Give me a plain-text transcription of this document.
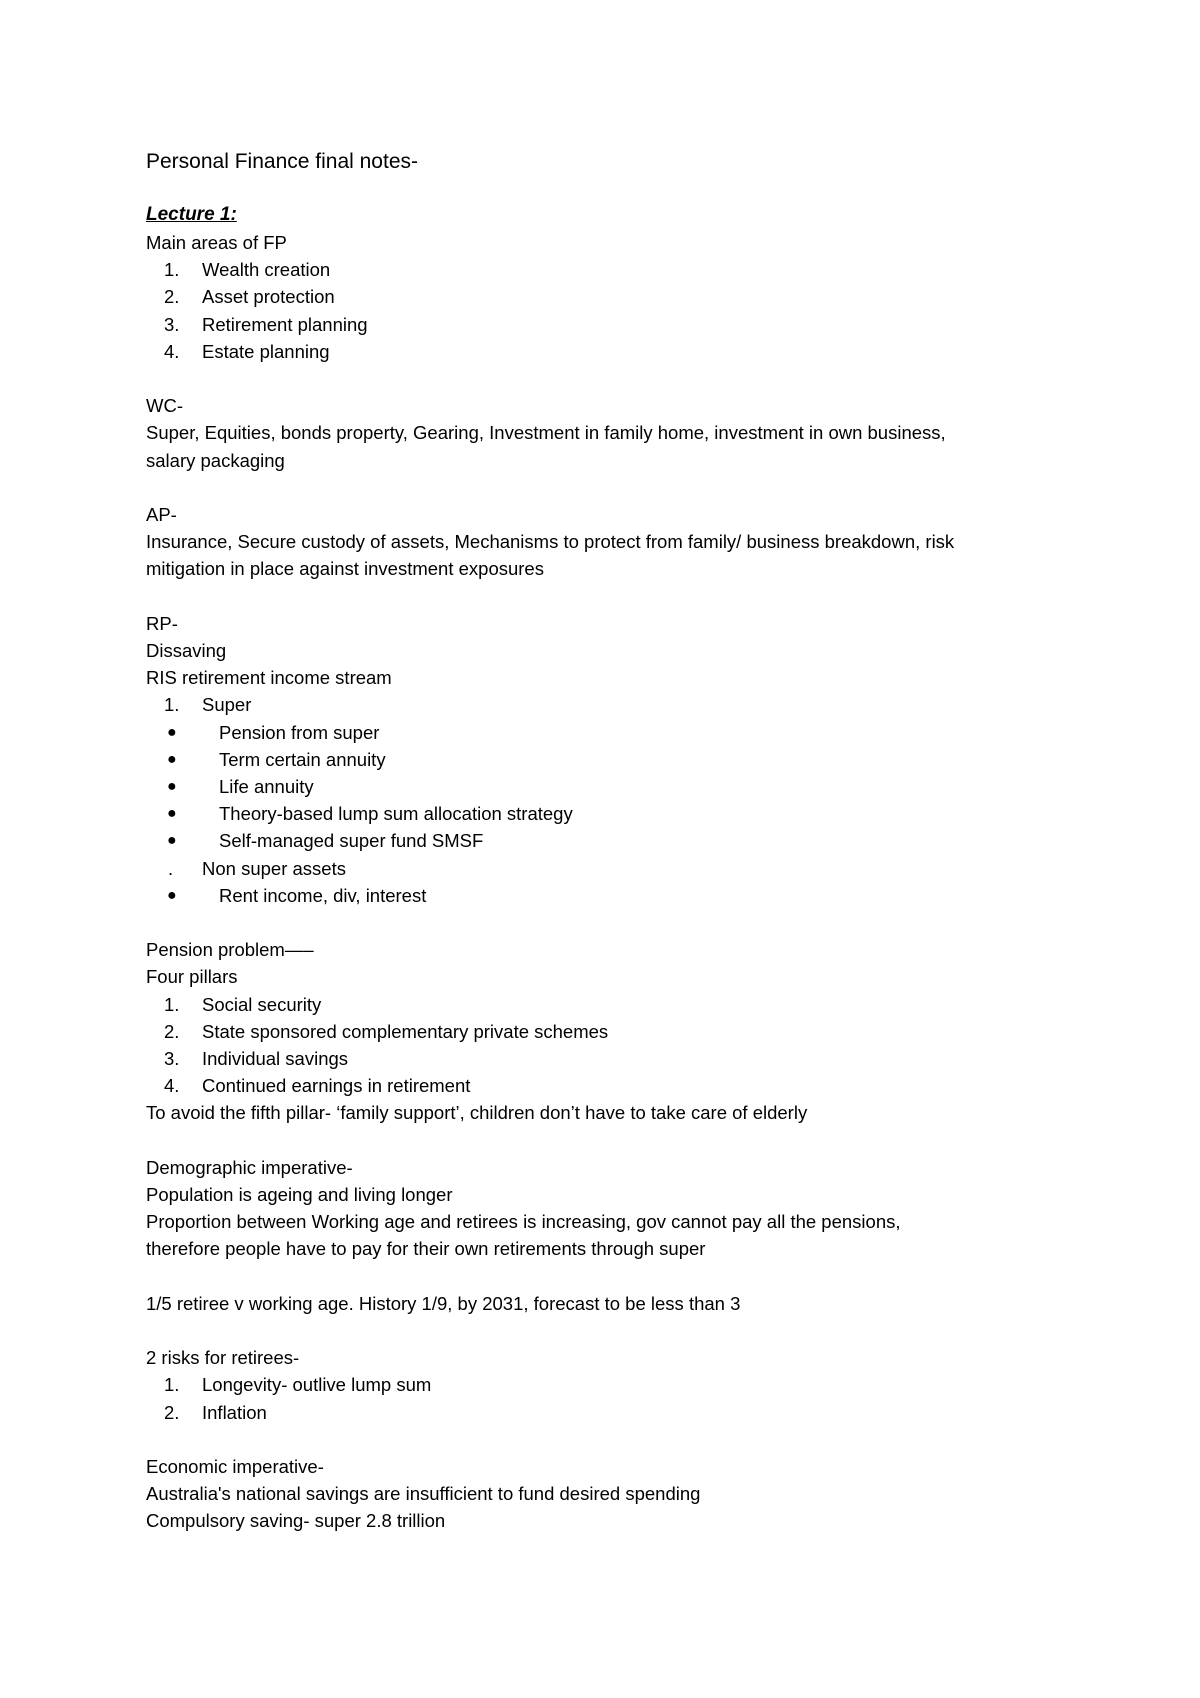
Personal Finance final notes-

Lecture 1:

Main areas of FP

1.	Wealth creation

2.	Asset protection

3.	Retirement planning

4.	Estate planning

WC-

Super, Equities, bonds property, Gearing, Investment in family home, investment in own business,

salary packaging

AP-

Insurance, Secure custody of assets, Mechanisms to protect from family/ business breakdown, risk

mitigation in place against investment exposures

RP-

Dissaving

RIS retirement income stream

1.	Super

●	Pension from super

●	Term certain annuity

●	Life annuity

●	Theory-based lump sum allocation strategy

●	Self-managed super fund SMSF

.	Non super assets

●	Rent income, div, interest

Pension problem—–

Four pillars

1.	Social security

2.	State sponsored complementary private schemes

3.	Individual savings

4.	Continued earnings in retirement

To avoid the fifth pillar- ‘family support’, children don’t have to take care of elderly

Demographic imperative-

Population is ageing and living longer

Proportion between Working age and retirees is increasing, gov cannot pay all the pensions,

therefore people have to pay for their own retirements through super

1/5 retiree v working age. History 1/9, by 2031, forecast to be less than 3

2 risks for retirees-

1.	Longevity- outlive lump sum

2.	Inflation

Economic imperative-

Australia's national savings are insufficient to fund desired spending

Compulsory saving- super 2.8 trillion
